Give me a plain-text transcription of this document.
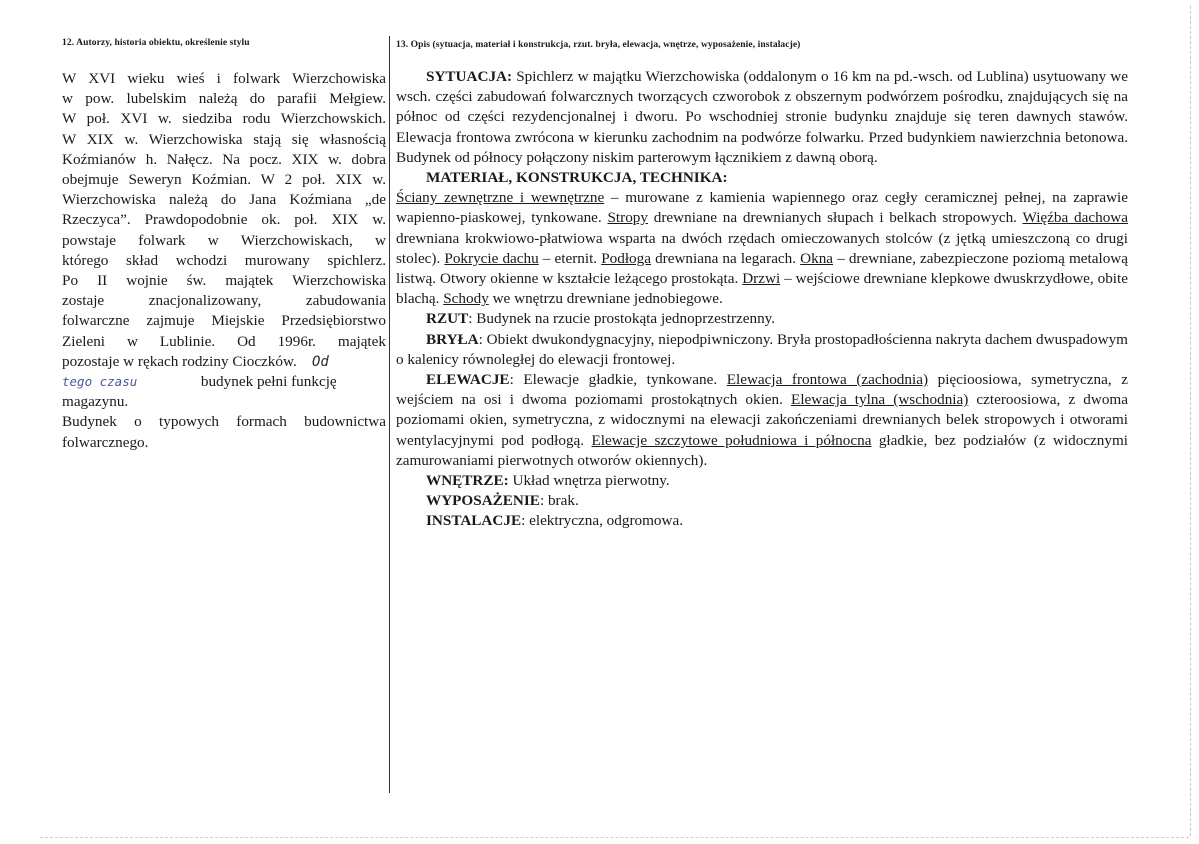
12. Autorzy, historia obiektu, określenie stylu

W XVI wieku wieś i folwark Wierzchowiska

w pow. lubelskim należą do parafii Mełgiew.

W poł. XVI w. siedziba rodu Wierzchowskich.

W XIX w. Wierzchowiska stają się własnością

Koźmianów h. Nałęcz. Na pocz. XIX w. dobra

obejmuje Seweryn Koźmian. W 2 poł. XIX w.

Wierzchowiska należą do Jana Koźmiana „de

Rzeczyca”. Prawdopodobnie ok. poł. XIX w.

powstaje folwark w Wierzchowiskach, w

którego skład wchodzi murowany spichlerz.

Po II wojnie św. majątek Wierzchowiska

zostaje znacjonalizowany, zabudowania

folwarczne zajmuje Miejskie Przedsiębiorstwo

Zieleni w Lublinie. Od 1996r. majątek

pozostaje w rękach rodziny Cioczków. Od

tego czasu	budynek pełni funkcję

magazynu.

Budynek o typowych formach budownictwa

folwarcznego.

13. Opis (sytuacja, materiał i konstrukcja, rzut. bryła, elewacja, wnętrze, wyposażenie, instalacje)

SYTUACJA: Spichlerz w majątku Wierzchowiska (oddalonym o 16 km na pd.-wsch. od Lublina) usytuowany we wsch. części zabudowań folwarcznych tworzących czworobok z obszernym podwórzem pośrodku, znajdujących się na północ od części rezydencjonalnej i dworu. Po wschodniej stronie budynku znajduje się teren dawnych stawów. Elewacja frontowa zwrócona w kierunku zachodnim na podwórze folwarku. Przed budynkiem nawierzchnia betonowa. Budynek od północy połączony niskim parterowym łącznikiem z dawną oborą.

MATERIAŁ, KONSTRUKCJA, TECHNIKA:

Ściany zewnętrzne i wewnętrzne – murowane z kamienia wapiennego oraz cegły ceramicznej pełnej, na zaprawie wapienno-piaskowej, tynkowane. Stropy drewniane na drewnianych słupach i belkach stropowych. Więźba dachowa drewniana krokwiowo-płatwiowa wsparta na dwóch rzędach omieczowanych stolców (z jętką umieszczoną co drugi stolec). Pokrycie dachu – eternit. Podłoga drewniana na legarach. Okna – drewniane, zabezpieczone poziomą metalową listwą. Otwory okienne w kształcie leżącego prostokąta. Drzwi – wejściowe drewniane klepkowe dwuskrzydłowe, obite blachą. Schody we wnętrzu drewniane jednobiegowe.

RZUT: Budynek na rzucie prostokąta jednoprzestrzenny.

BRYŁA: Obiekt dwukondygnacyjny, niepodpiwniczony. Bryła prostopadłościenna nakryta dachem dwuspadowym o kalenicy równoległej do elewacji frontowej.

ELEWACJE: Elewacje gładkie, tynkowane. Elewacja frontowa (zachodnia) pięcioosiowa, symetryczna, z wejściem na osi i dwoma poziomami prostokątnych okien. Elewacja tylna (wschodnia) czteroosiowa, z dwoma poziomami okien, symetryczna, z widocznymi na elewacji zakończeniami drewnianych belek stropowych i otworami wentylacyjnymi pod podłogą. Elewacje szczytowe południowa i północna gładkie, bez podziałów (z widocznymi zamurowaniami pierwotnych otworów okiennych).

WNĘTRZE: Układ wnętrza pierwotny.

WYPOSAŻENIE: brak.

INSTALACJE: elektryczna, odgromowa.
